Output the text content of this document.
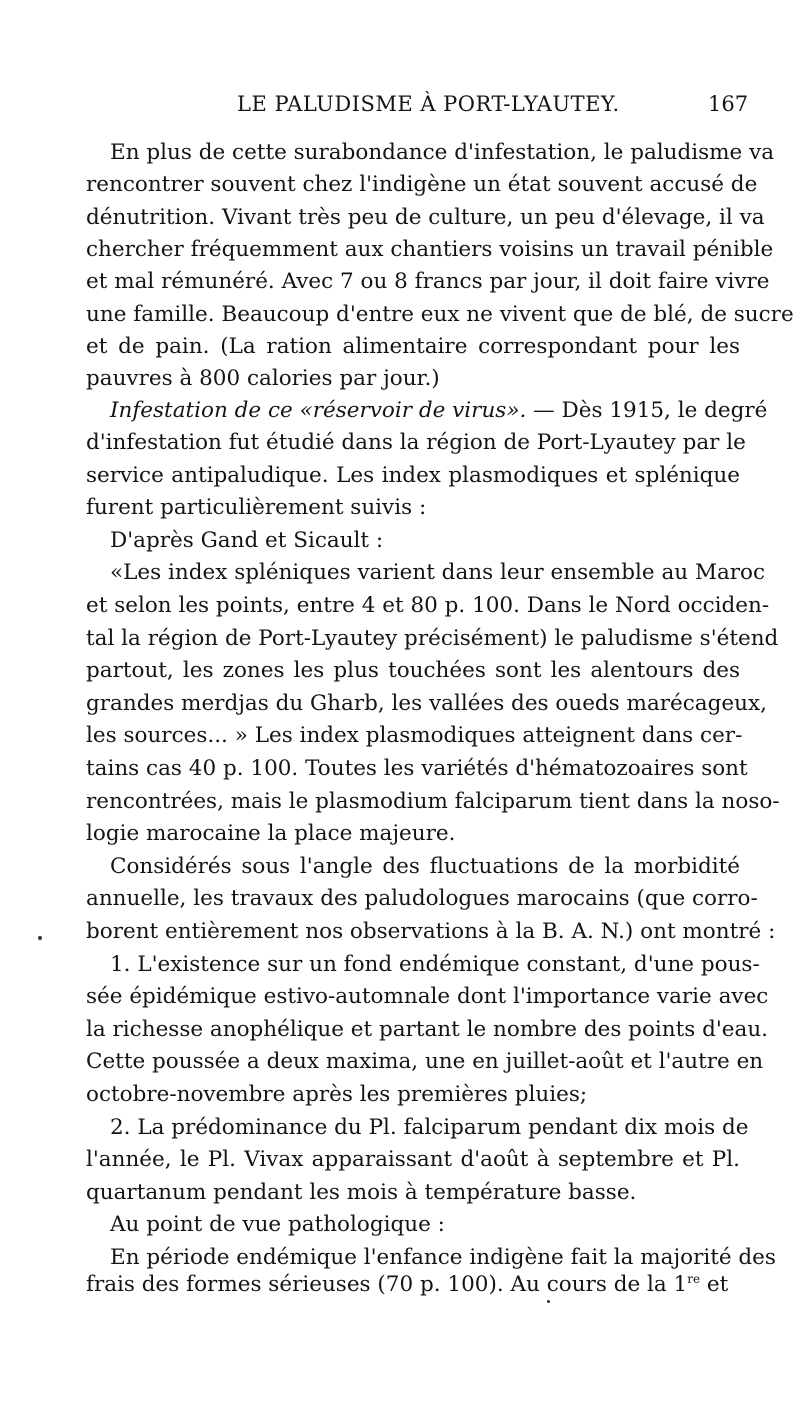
LE PALUDISME À PORT-LYAUTEY.	167
En plus de cette surabondance d'infestation, le paludisme va
rencontrer souvent chez l'indigène un état souvent accusé de
dénutrition. Vivant très peu de culture, un peu d'élevage, il va
chercher fréquemment aux chantiers voisins un travail pénible
et mal rémunéré. Avec 7 ou 8 francs par jour, il doit faire vivre
une famille. Beaucoup d'entre eux ne vivent que de blé, de sucre
et de pain. (La ration alimentaire correspondant pour les
pauvres à 800 calories par jour.)
Infestation de ce «réservoir de virus». — Dès 1915, le degré
d'infestation fut étudié dans la région de Port-Lyautey par le
service antipaludique. Les index plasmodiques et splénique
furent particulièrement suivis :
D'après Gand et Sicault :
«Les index spléniques varient dans leur ensemble au Maroc
et selon les points, entre 4 et 80 p. 100. Dans le Nord occiden-
tal la région de Port-Lyautey précisément) le paludisme s'étend
partout, les zones les plus touchées sont les alentours des
grandes merdjas du Gharb, les vallées des oueds marécageux,
les sources... » Les index plasmodiques atteignent dans cer-
tains cas 40 p. 100. Toutes les variétés d'hématozoaires sont
rencontrées, mais le plasmodium falciparum tient dans la noso-
logie marocaine la place majeure.
Considérés sous l'angle des fluctuations de la morbidité
annuelle, les travaux des paludologues marocains (que corro-
borent entièrement nos observations à la B. A. N.) ont montré :
1. L'existence sur un fond endémique constant, d'une pous-
sée épidémique estivo-automnale dont l'importance varie avec
la richesse anophélique et partant le nombre des points d'eau.
Cette poussée a deux maxima, une en juillet-août et l'autre en
octobre-novembre après les premières pluies;
2. La prédominance du Pl. falciparum pendant dix mois de
l'année, le Pl. Vivax apparaissant d'août à septembre et Pl.
quartanum pendant les mois à température basse.
Au point de vue pathologique :
En période endémique l'enfance indigène fait la majorité des
frais des formes sérieuses (70 p. 100). Au cours de la 1re et
